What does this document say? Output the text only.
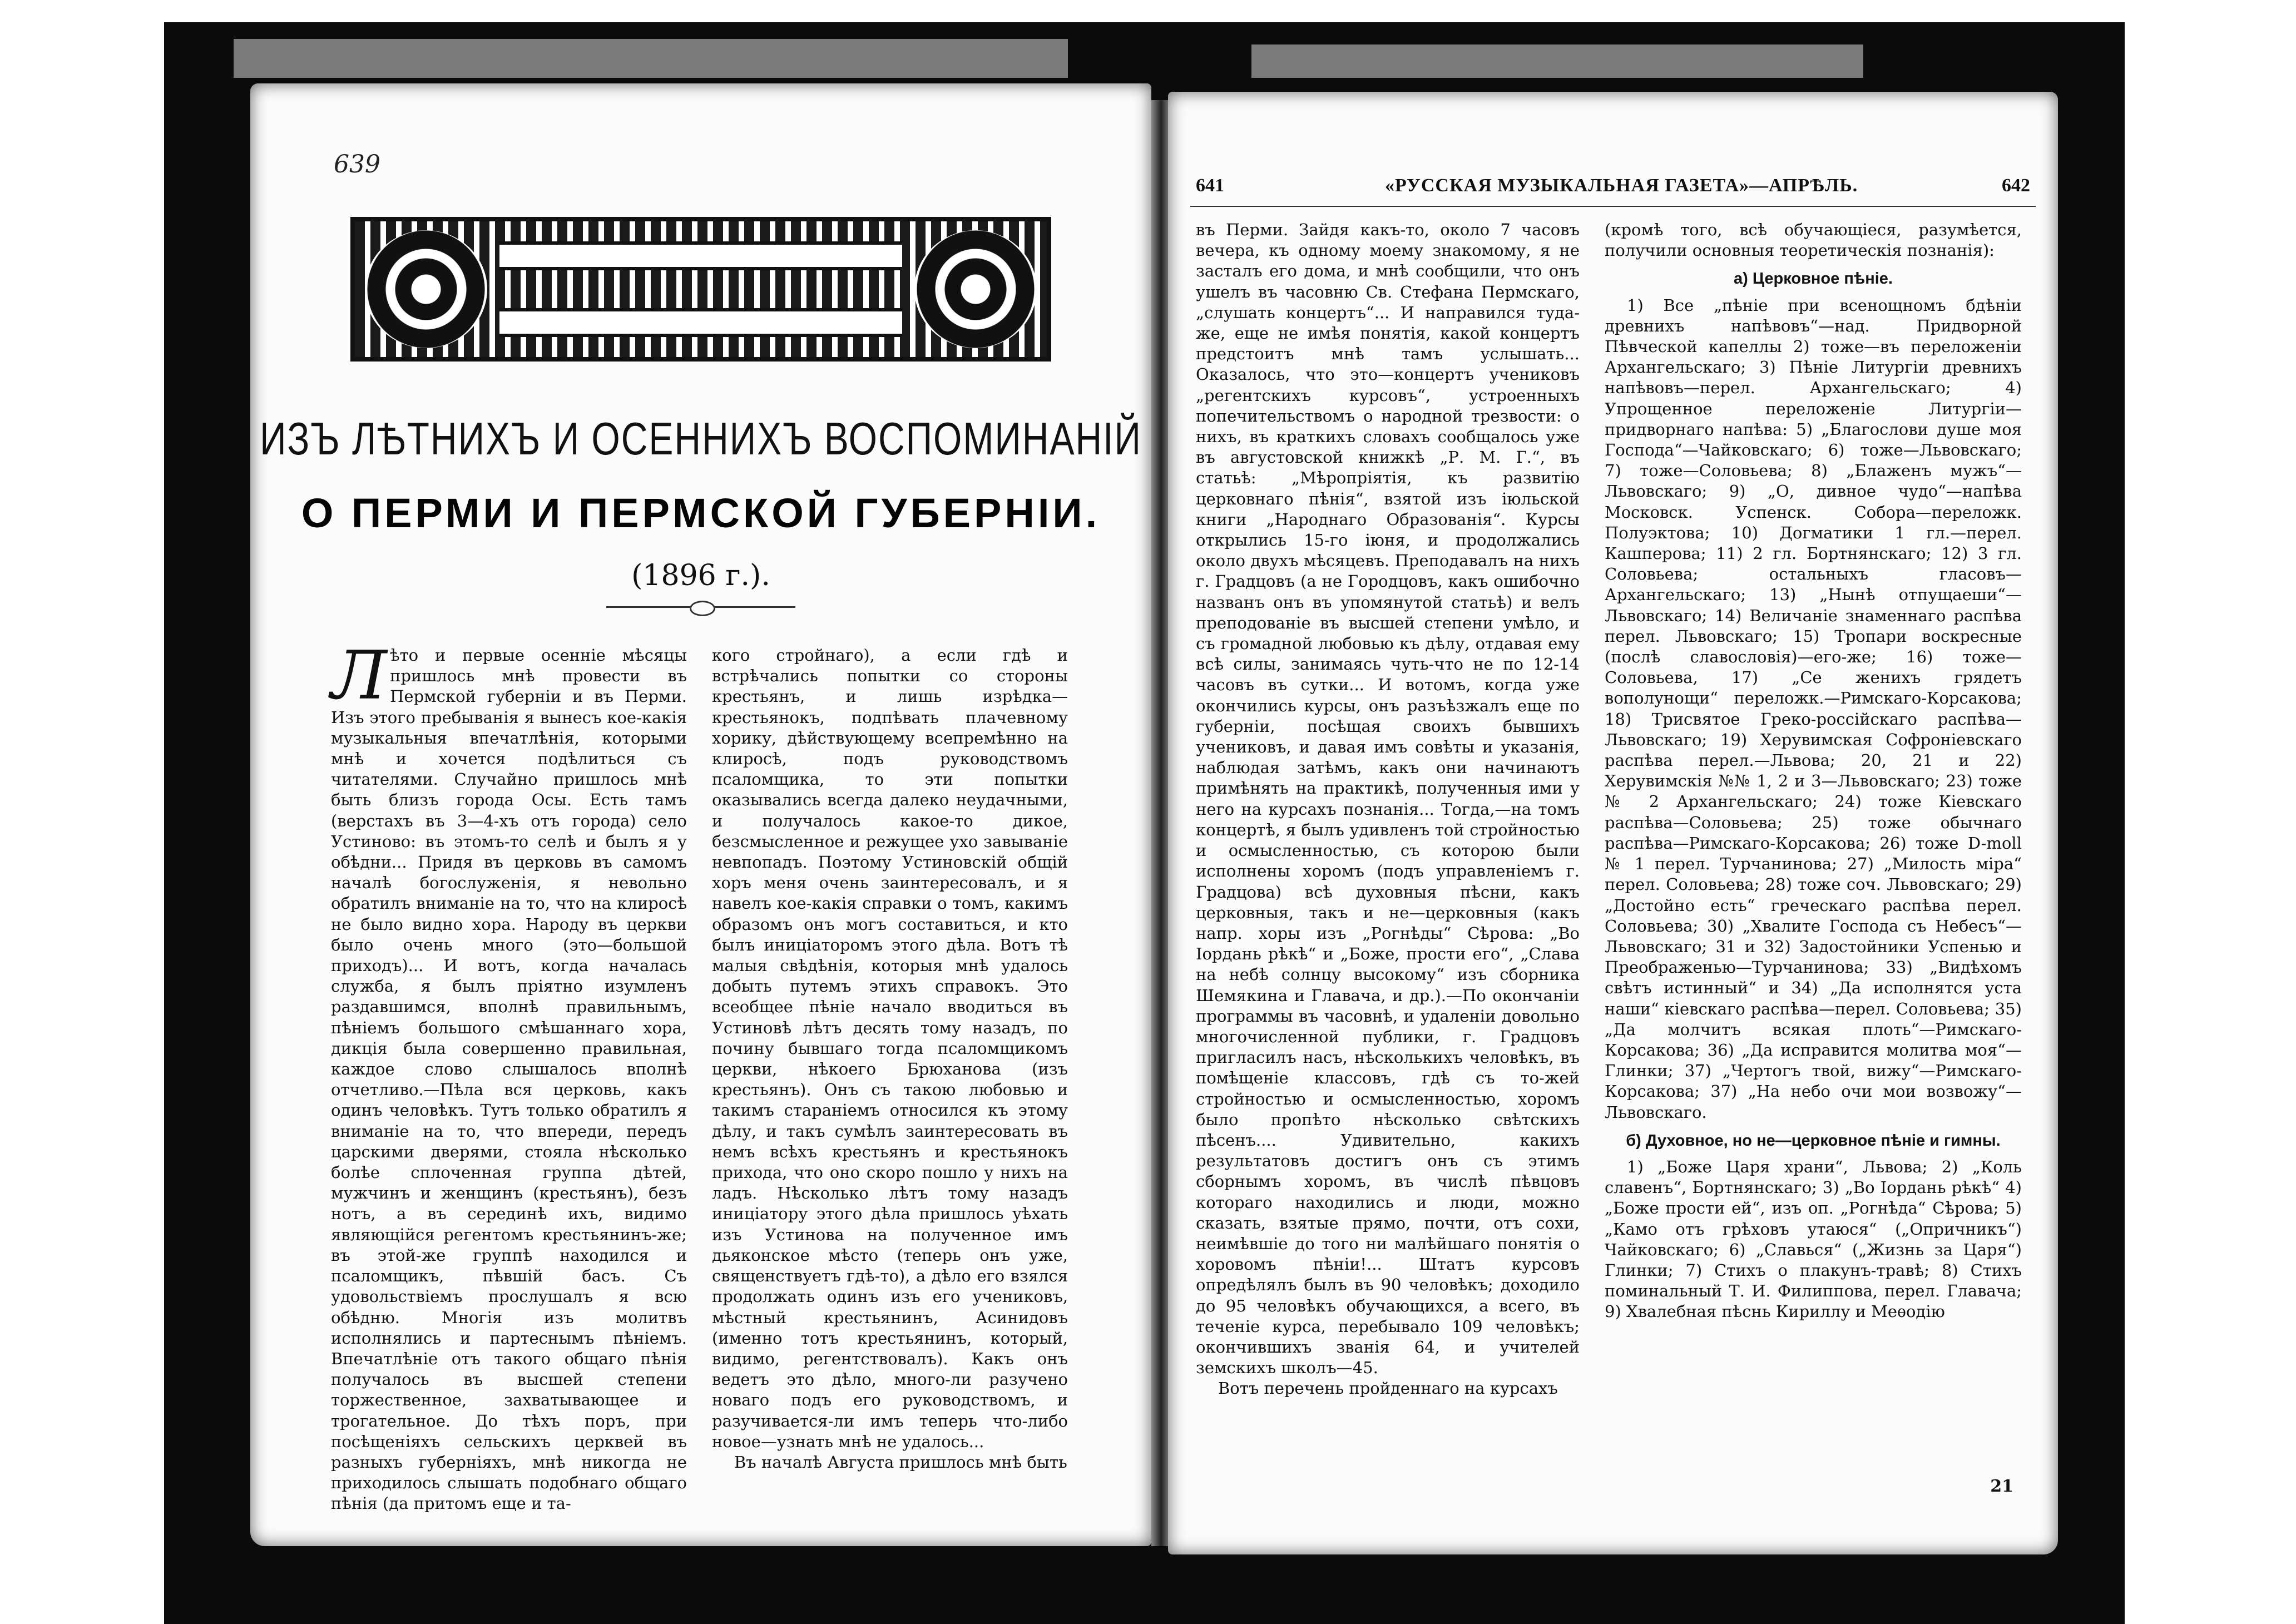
639
ИЗЪ ЛѢТНИХЪ И ОСЕННИХЪ ВОСПОМИНАНІЙ
О ПЕРМИ И ПЕРМСКОЙ ГУБЕРНІИ.
(1896 г.).

Лѣто и первые осенніе мѣсяцы пришлось мнѣ провести въ Пермской губерніи и въ Перми. Изъ этого пребыванія я вынесъ кое-какія музыкальныя впечатлѣнія, которыми мнѣ и хочется подѣлиться съ читателями. Случайно пришлось мнѣ быть близъ города Осы. Есть тамъ (верстахъ въ 3—4-хъ отъ города) село Устиново: въ этомъ-то селѣ и былъ я у обѣдни... Придя въ церковь въ самомъ началѣ богослуженія, я невольно обратилъ вниманіе на то, что на клиросѣ не было видно хора. Народу въ церкви было очень много (это—большой приходъ)... И вотъ, когда началась служба, я былъ пріятно изумленъ раздавшимся, вполнѣ правильнымъ, пѣніемъ большого смѣшаннаго хора, дикція была совершенно правильная, каждое слово слышалось вполнѣ отчетливо.—Пѣла вся церковь, какъ одинъ человѣкъ. Тутъ только обратилъ я вниманіе на то, что впереди, передъ царскими дверями, стояла нѣсколько болѣе сплоченная группа дѣтей, мужчинъ и женщинъ (крестьянъ), безъ нотъ, а въ серединѣ ихъ, видимо являющійся регентомъ крестьянинъ-же; въ этой-же группѣ находился и псаломщикъ, пѣвшій басъ. Съ удовольствіемъ прослушалъ я всю обѣдню. Многія изъ молитвъ исполнялись и партеснымъ пѣніемъ. Впечатлѣніе отъ такого общаго пѣнія получалось въ высшей степени торжественное, захватывающее и трогательное. До тѣхъ поръ, при посѣщеніяхъ сельскихъ церквей въ разныхъ губерніяхъ, мнѣ никогда не приходилось слышать подобнаго общаго пѣнія (да притомъ еще и та-

кого стройнаго), а если гдѣ и встрѣчались попытки со стороны крестьянъ, и лишь изрѣдка—крестьянокъ, подпѣвать плачевному хорику, дѣйствующему всепремѣнно на клиросѣ, подъ руководствомъ псаломщика, то эти попытки оказывались всегда далеко неудачными, и получалось какое-то дикое, безсмысленное и режущее ухо завываніе невпопадъ. Поэтому Устиновскій общій хоръ меня очень заинтересовалъ, и я навелъ кое-какія справки о томъ, какимъ образомъ онъ могъ составиться, и кто былъ иниціаторомъ этого дѣла. Вотъ тѣ малыя свѣдѣнія, которыя мнѣ удалось добыть путемъ этихъ справокъ. Это всеобщее пѣніе начало вводиться въ Устиновѣ лѣтъ десять тому назадъ, по почину бывшаго тогда псаломщикомъ церкви, нѣкоего Брюханова (изъ крестьянъ). Онъ съ такою любовью и такимъ стараніемъ относился къ этому дѣлу, и такъ сумѣлъ заинтересовать въ немъ всѣхъ крестьянъ и крестьянокъ прихода, что оно скоро пошло у нихъ на ладъ. Нѣсколько лѣтъ тому назадъ иниціатору этого дѣла пришлось уѣхать изъ Устинова на полученное имъ дьяконское мѣсто (теперь онъ уже, священствуетъ гдѣ-то), а дѣло его взялся продолжать одинъ изъ его учениковъ, мѣстный крестьянинъ, Асинидовъ (именно тотъ крестьянинъ, который, видимо, регентствовалъ). Какъ онъ ведетъ это дѣло, много-ли разучено новаго подъ его руководствомъ, и разучивается-ли имъ теперь что-либо новое—узнать мнѣ не удалось...

Въ началѣ Августа пришлось мнѣ быть

641	«РУССКАЯ МУЗЫКАЛЬНАЯ ГАЗЕТА»—АПРѢЛЬ.	642

въ Перми. Зайдя какъ-то, около 7 часовъ вечера, къ одному моему знакомому, я не засталъ его дома, и мнѣ сообщили, что онъ ушелъ въ часовню Св. Стефана Пермскаго, „слушать концертъ“... И направился туда-же, еще не имѣя понятія, какой концертъ предстоитъ мнѣ тамъ услышать... Оказалось, что это—концертъ учениковъ „регентскихъ курсовъ“, устроенныхъ попечительствомъ о народной трезвости: о нихъ, въ краткихъ словахъ сообщалось уже въ августовской книжкѣ „Р. М. Г.“, въ статьѣ: „Мѣропріятія, къ развитію церковнаго пѣнія“, взятой изъ іюльской книги „Народнаго Образованія“. Курсы открылись 15-го іюня, и продолжались около двухъ мѣсяцевъ. Преподавалъ на нихъ г. Градцовъ (а не Городцовъ, какъ ошибочно названъ онъ въ упомянутой статьѣ) и велъ преподованіе въ высшей степени умѣло, и съ громадной любовью къ дѣлу, отдавая ему всѣ силы, занимаясь чуть-что не по 12-14 часовъ въ сутки... И вотомъ, когда уже окончились курсы, онъ разъѣзжалъ еще по губерніи, посѣщая своихъ бывшихъ учениковъ, и давая имъ совѣты и указанія, наблюдая затѣмъ, какъ они начинаютъ примѣнять на практикѣ, полученныя ими у него на курсахъ познанія... Тогда,—на томъ концертѣ, я былъ удивленъ той стройностью и осмысленностью, съ которою были исполнены хоромъ (подъ управленіемъ г. Градцова) всѣ духовныя пѣсни, какъ церковныя, такъ и не—церковныя (какъ напр. хоры изъ „Рогнѣды“ Сѣрова: „Во Іордань рѣкѣ“ и „Боже, прости его“, „Слава на небѣ солнцу высокому“ изъ сборника Шемякина и Главача, и др.).—По окончаніи программы въ часовнѣ, и удаленіи довольно многочисленной публики, г. Градцовъ пригласилъ насъ, нѣсколькихъ человѣкъ, въ помѣщеніе классовъ, гдѣ съ то-жей стройностью и осмысленностью, хоромъ было пропѣто нѣсколько свѣтскихъ пѣсенъ.... Удивительно, какихъ результатовъ достигъ онъ съ этимъ сборнымъ хоромъ, въ числѣ пѣвцовъ котораго находились и люди, можно сказать, взятые прямо, почти, отъ сохи, неимѣвшіе до того ни малѣйшаго понятія о хоровомъ пѣніи!... Штатъ курсовъ опредѣлялъ былъ въ 90 человѣкъ; доходило до 95 человѣкъ обучающихся, а всего, въ теченіе курса, перебывало 109 человѣкъ; окончившихъ званія 64, и учителей земскихъ школъ—45.

Вотъ перечень пройденнаго на курсахъ

(кромѣ того, всѣ обучающіеся, разумѣется, получили основныя теоретическія познанія):

а) Церковное пѣніе.

1) Все „пѣніе при всенощномъ бдѣніи древнихъ напѣвовъ“—над. Придворной Пѣвческой капеллы 2) тоже—въ переложеніи Архангельскаго; 3) Пѣніе Литургіи древнихъ напѣвовъ—перел. Архангельскаго; 4) Упрощенное переложеніе Литургіи—придворнаго напѣва: 5) „Благослови душе моя Господа“—Чайковскаго; 6) тоже—Львовскаго; 7) тоже—Соловьева; 8) „Блаженъ мужъ“—Львовскаго; 9) „О, дивное чудо“—напѣва Московск. Успенск. Собора—переложк. Полуэктова; 10) Догматики 1 гл.—перел. Кашперова; 11) 2 гл. Бортнянскаго; 12) 3 гл. Соловьева; остальныхъ гласовъ—Архангельскаго; 13) „Нынѣ отпущаеши“—Львовскаго; 14) Величаніе знаменнаго распѣва перел. Львовскаго; 15) Тропари воскресные (послѣ славословія)—его-же; 16) тоже—Соловьева, 17) „Се женихъ грядетъ вополунощи“ переложк.—Римскаго-Корсакова; 18) Трисвятое Греко-россійскаго распѣва—Львовскаго; 19) Херувимская Софроніевскаго распѣва перел.—Львова; 20, 21 и 22) Херувимскія №№ 1, 2 и 3—Львовскаго; 23) тоже № 2 Архангельскаго; 24) тоже Кіевскаго распѣва—Соловьева; 25) тоже обычнаго распѣва—Римскаго-Корсакова; 26) тоже D-moll № 1 перел. Турчанинова; 27) „Милость міра“ перел. Соловьева; 28) тоже соч. Львовскаго; 29) „Достойно есть“ греческаго распѣва перел. Соловьева; 30) „Хвалите Господа съ Небесъ“—Львовскаго; 31 и 32) Задостойники Успенью и Преображенью—Турчанинова; 33) „Видѣхомъ свѣтъ истинный“ и 34) „Да исполнятся уста наши“ кіевскаго распѣва—перел. Соловьева; 35) „Да молчитъ всякая плоть“—Римскаго-Корсакова; 36) „Да исправится молитва моя“—Глинки; 37) „Чертогъ твой, вижу“—Римскаго-Корсакова; 37) „На небо очи мои возвожу“—Львовскаго.

б) Духовное, но не—церковное пѣніе и гимны.

1) „Боже Царя храни“, Львова; 2) „Коль славенъ“, Бортнянскаго; 3) „Во Іордань рѣкѣ“ 4) „Боже прости ей“, изъ оп. „Рогнѣда“ Сѣрова; 5) „Камо отъ грѣховъ утаюся“ („Опричникъ“) Чайковскаго; 6) „Славься“ („Жизнь за Царя“) Глинки; 7) Стихъ о плакунъ-травѣ; 8) Стихъ поминальный Т. И. Филиппова, перел. Главача; 9) Хвалебная пѣснь Кириллу и Меѳодію

21
